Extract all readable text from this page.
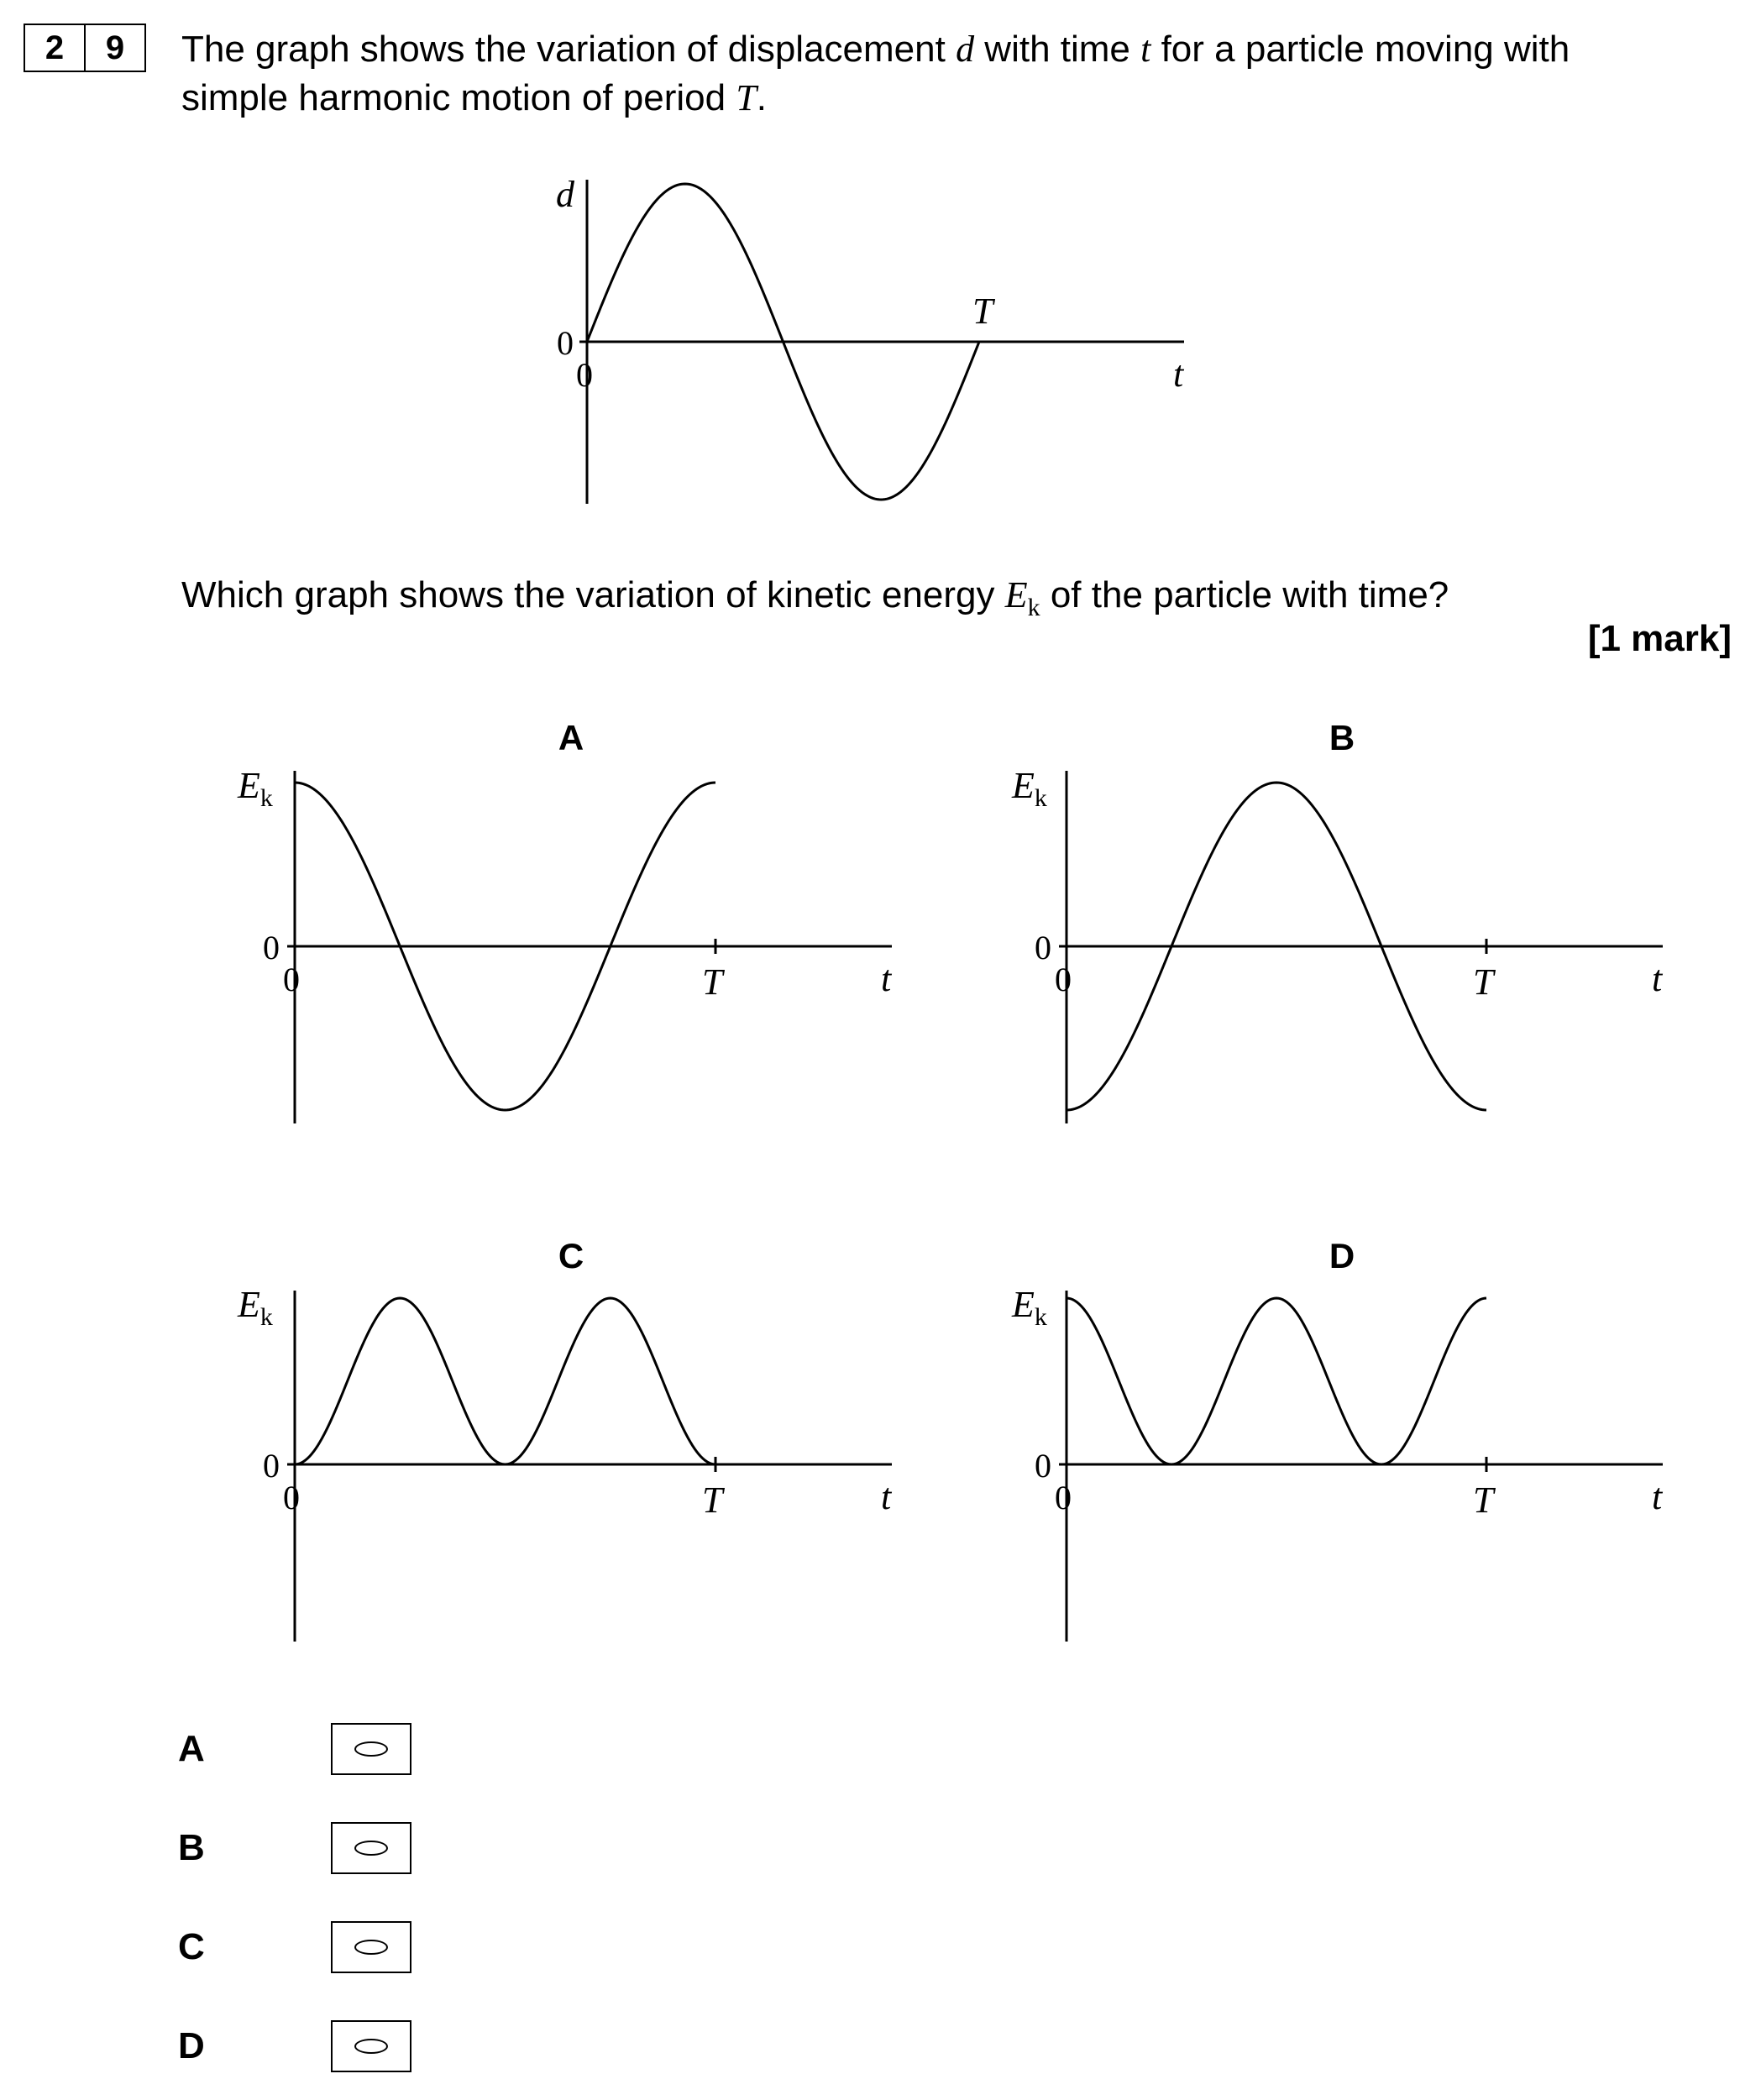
2	9	The graph shows the variation of displacement d with time t for a particle moving with

simple harmonic motion of period T.

d
0
0
T
t
Which graph shows the variation of kinetic energy $E_k$ of the particle with time?
[1 mark]
A
$E_k$
0
0	T	t
B
$E_k$
0
0	T	t
C
$E_k$
0
0	T	t
D
$E_k$
0
0	T	t
A
B
C
D
